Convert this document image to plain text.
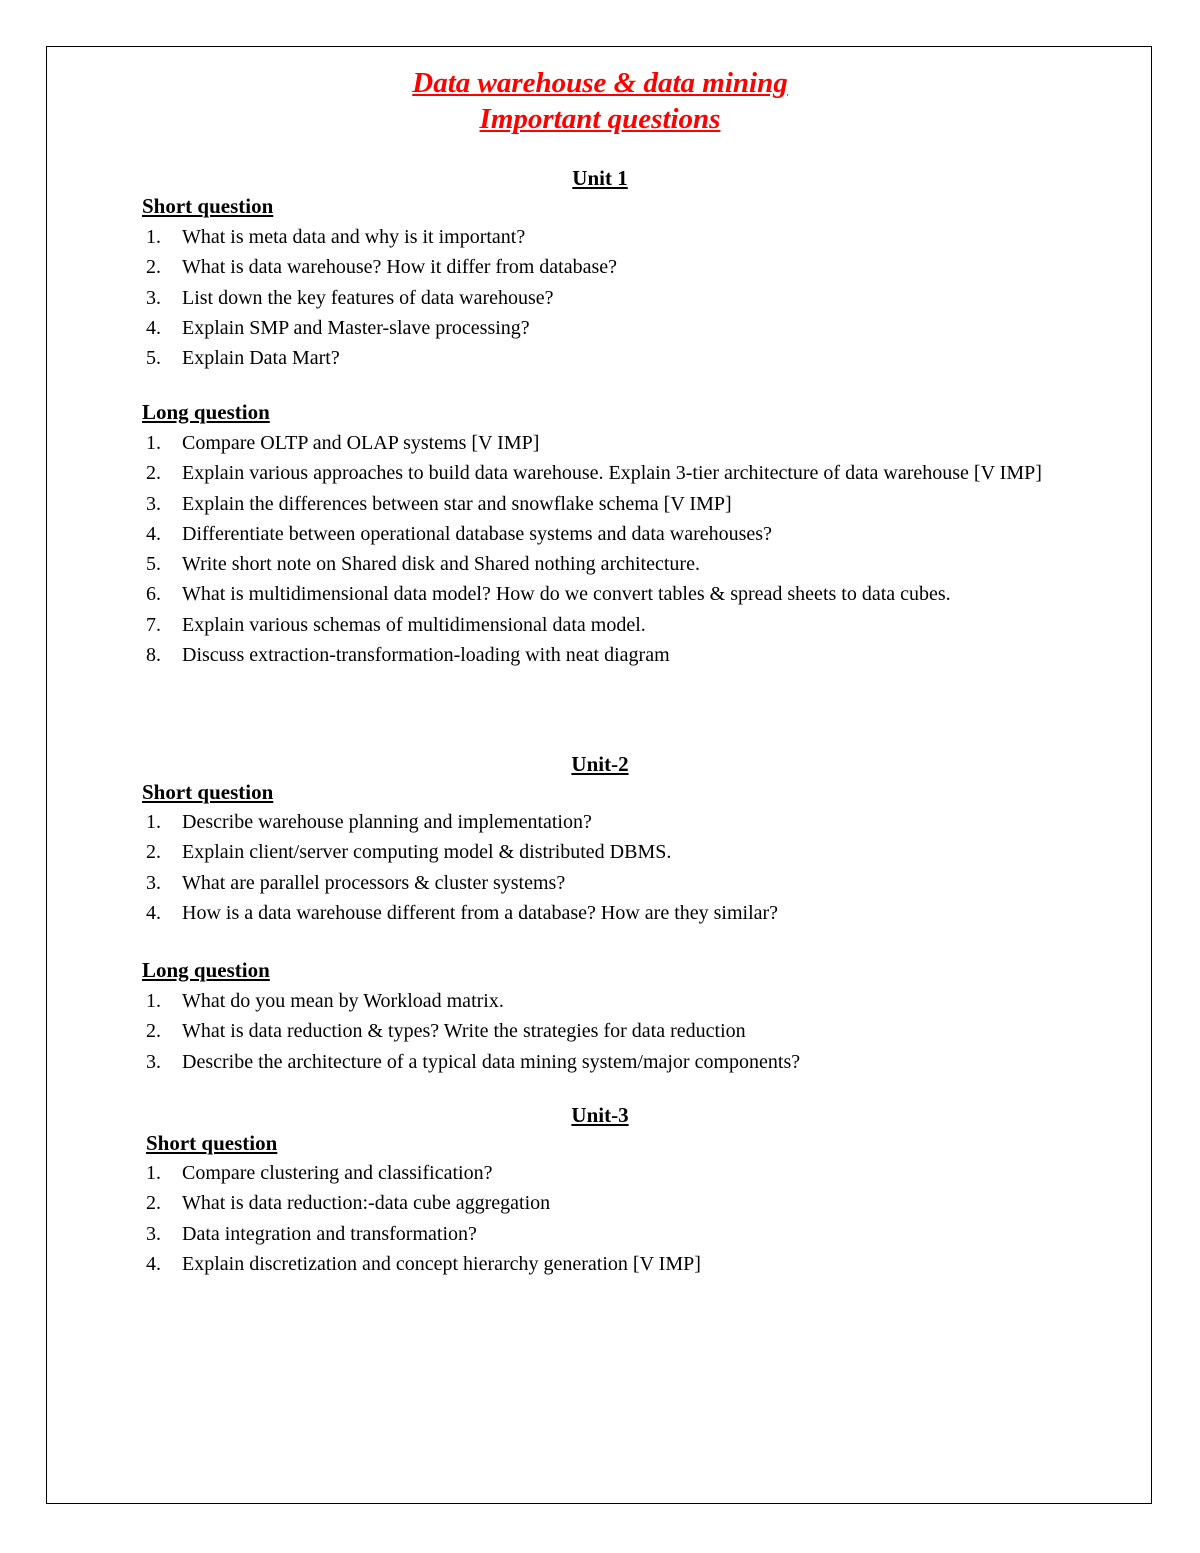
Data warehouse & data mining
Important questions
Unit 1
Short question
1. What is meta data and why is it important?
2. What is data warehouse? How it differ from database?
3. List down the key features of data warehouse?
4. Explain SMP and Master-slave processing?
5. Explain Data Mart?
Long question
1. Compare OLTP and OLAP systems [V IMP]
2. Explain various approaches to build data warehouse. Explain 3-tier architecture of data warehouse [V IMP]
3. Explain the differences between star and snowflake schema [V IMP]
4. Differentiate between operational database systems and data warehouses?
5. Write short note on Shared disk and Shared nothing architecture.
6. What is multidimensional data model? How do we convert tables & spread sheets to data cubes.
7. Explain various schemas of multidimensional data model.
8. Discuss extraction-transformation-loading with neat diagram
Unit-2
Short question
1. Describe warehouse planning and implementation?
2. Explain client/server computing model & distributed DBMS.
3. What are parallel processors & cluster systems?
4. How is a data warehouse different from a database? How are they similar?
Long question
1. What do you mean by Workload matrix.
2. What is data reduction & types? Write the strategies for data reduction
3. Describe the architecture of a typical data mining system/major components?
Unit-3
Short question
1. Compare clustering and classification?
2. What is data reduction:-data cube aggregation
3. Data integration and transformation?
4. Explain discretization and concept hierarchy generation [V IMP]
